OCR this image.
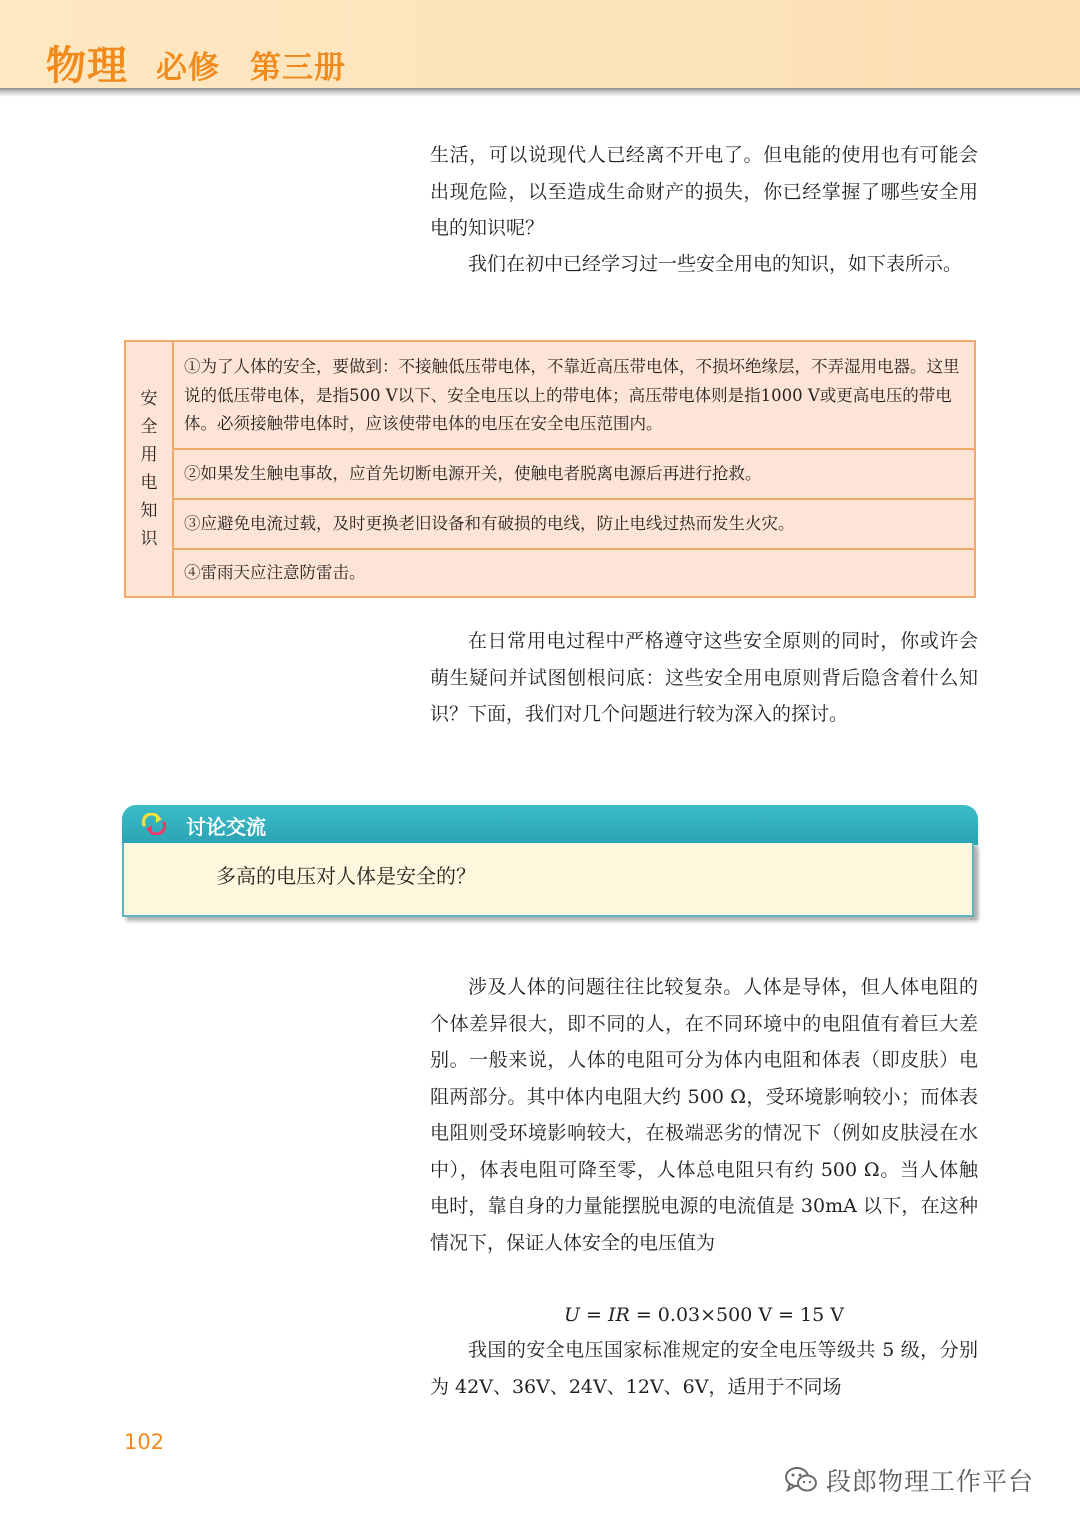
物理 必修 第三册

生活，可以说现代人已经离不开电了。但电能的使用也有可能会出现危险，以至造成生命财产的损失，你已经掌握了哪些安全用电的知识呢？

我们在初中已经学习过一些安全用电的知识，如下表所示。

安
全
用
电
知
识
①为了人体的安全，要做到：不接触低压带电体，不靠近高压带电体，不损坏绝缘层，不弄湿用电器。这里说的低压带电体，是指500 V以下、安全电压以上的带电体；高压带电体则是指1000 V或更高电压的带电体。必须接触带电体时，应该使带电体的电压在安全电压范围内。
②如果发生触电事故，应首先切断电源开关，使触电者脱离电源后再进行抢救。
③应避免电流过载，及时更换老旧设备和有破损的电线，防止电线过热而发生火灾。
④雷雨天应注意防雷击。

在日常用电过程中严格遵守这些安全原则的同时，你或许会萌生疑问并试图刨根问底：这些安全用电原则背后隐含着什么知识？下面，我们对几个问题进行较为深入的探讨。

讨论交流
多高的电压对人体是安全的？

涉及人体的问题往往比较复杂。人体是导体，但人体电阻的个体差异很大，即不同的人，在不同环境中的电阻值有着巨大差别。一般来说，人体的电阻可分为体内电阻和体表（即皮肤）电阻两部分。其中体内电阻大约 500 Ω，受环境影响较小；而体表电阻则受环境影响较大，在极端恶劣的情况下（例如皮肤浸在水中），体表电阻可降至零，人体总电阻只有约 500 Ω。当人体触电时，靠自身的力量能摆脱电源的电流值是 30mA 以下，在这种情况下，保证人体安全的电压值为

U = IR = 0.03×500 V = 15 V

我国的安全电压国家标准规定的安全电压等级共 5 级，分别为 42V、36V、24V、12V、6V，适用于不同场

102
段郎物理工作平台
